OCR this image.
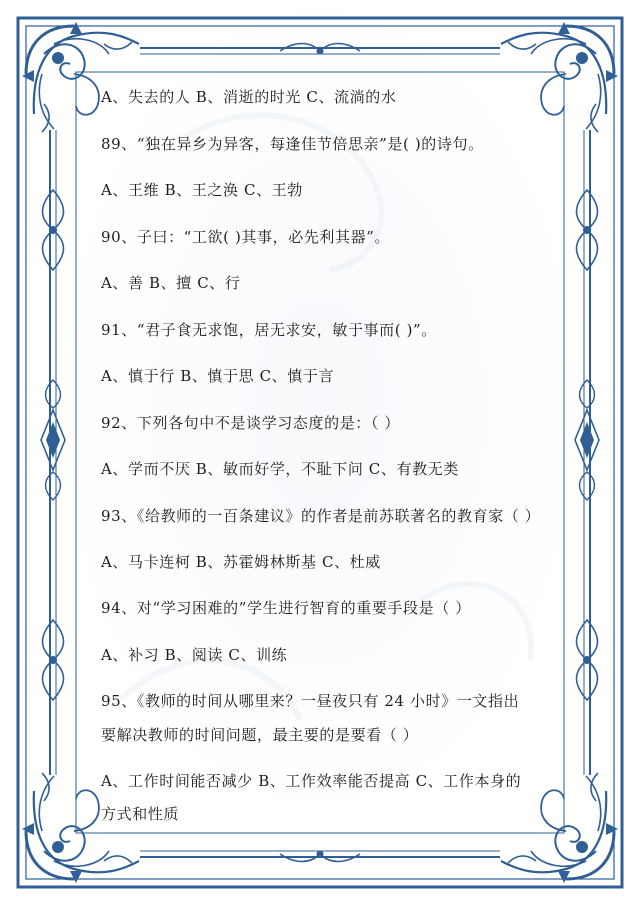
A、失去的人 B、消逝的时光 C、流淌的水
89、“独在异乡为异客，每逢佳节倍思亲”是( )的诗句。
A、王维 B、王之涣 C、王勃
90、子曰：“工欲( )其事，必先利其器”。
A、善 B、擅 C、行
91、“君子食无求饱，居无求安，敏于事而( )”。
A、慎于行 B、慎于思 C、慎于言
92、下列各句中不是谈学习态度的是：（ ）
A、学而不厌 B、敏而好学，不耻下问 C、有教无类
93、《给教师的一百条建议》的作者是前苏联著名的教育家（ ）
A、马卡连柯 B、苏霍姆林斯基 C、杜威
94、对“学习困难的”学生进行智育的重要手段是（ ）
A、补习 B、阅读 C、训练
95、《教师的时间从哪里来？一昼夜只有 24 小时》一文指出
要解决教师的时间问题，最主要的是要看（ ）
A、工作时间能否减少 B、工作效率能否提高 C、工作本身的
方式和性质
